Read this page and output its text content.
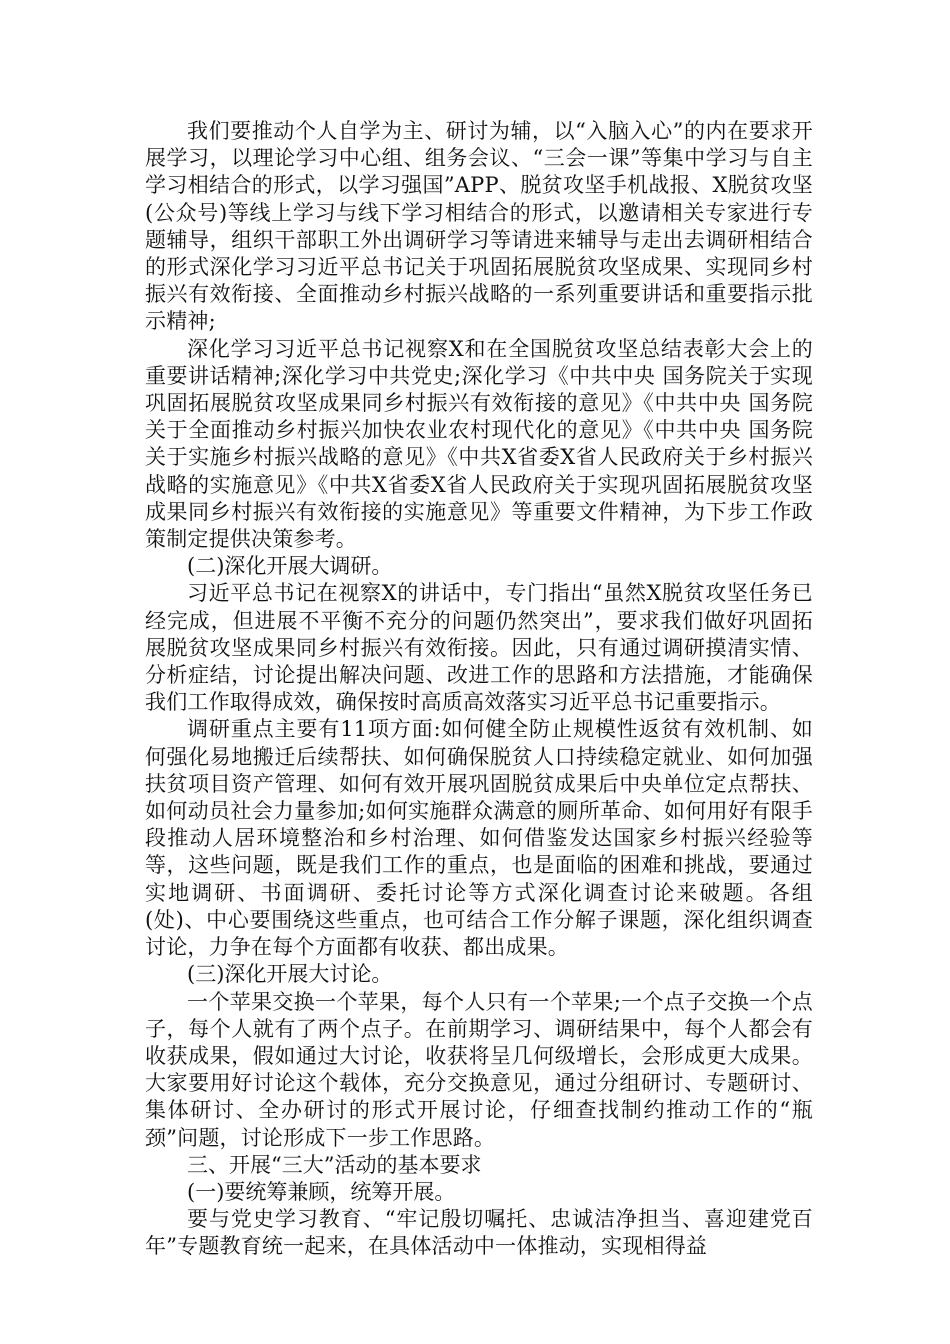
我们要推动个人自学为主、研讨为辅，以“入脑入心”的内在要求开展学习，以理论学习中心组、组务会议、“三会一课”等集中学习与自主学习相结合的形式，以学习强国”APP、脱贫攻坚手机战报、X脱贫攻坚(公众号)等线上学习与线下学习相结合的形式，以邀请相关专家进行专题辅导，组织干部职工外出调研学习等请进来辅导与走出去调研相结合的形式深化学习习近平总书记关于巩固拓展脱贫攻坚成果、实现同乡村振兴有效衔接、全面推动乡村振兴战略的一系列重要讲话和重要指示批示精神;

深化学习习近平总书记视察X和在全国脱贫攻坚总结表彰大会上的重要讲话精神;深化学习中共党史;深化学习《中共中央 国务院关于实现巩固拓展脱贫攻坚成果同乡村振兴有效衔接的意见》《中共中央 国务院关于全面推动乡村振兴加快农业农村现代化的意见》《中共中央 国务院关于实施乡村振兴战略的意见》《中共X省委X省人民政府关于乡村振兴战略的实施意见》《中共X省委X省人民政府关于实现巩固拓展脱贫攻坚成果同乡村振兴有效衔接的实施意见》等重要文件精神，为下步工作政策制定提供决策参考。

(二)深化开展大调研。

习近平总书记在视察X的讲话中，专门指出“虽然X脱贫攻坚任务已经完成，但进展不平衡不充分的问题仍然突出”，要求我们做好巩固拓展脱贫攻坚成果同乡村振兴有效衔接。因此，只有通过调研摸清实情、分析症结，讨论提出解决问题、改进工作的思路和方法措施，才能确保我们工作取得成效，确保按时高质高效落实习近平总书记重要指示。

调研重点主要有11项方面:如何健全防止规模性返贫有效机制、如何强化易地搬迁后续帮扶、如何确保脱贫人口持续稳定就业、如何加强扶贫项目资产管理、如何有效开展巩固脱贫成果后中央单位定点帮扶、如何动员社会力量参加;如何实施群众满意的厕所革命、如何用好有限手段推动人居环境整治和乡村治理、如何借鉴发达国家乡村振兴经验等等，这些问题，既是我们工作的重点，也是面临的困难和挑战，要通过实地调研、书面调研、委托讨论等方式深化调查讨论来破题。各组(处)、中心要围绕这些重点，也可结合工作分解子课题，深化组织调查讨论，力争在每个方面都有收获、都出成果。

(三)深化开展大讨论。

一个苹果交换一个苹果，每个人只有一个苹果;一个点子交换一个点子，每个人就有了两个点子。在前期学习、调研结果中，每个人都会有收获成果，假如通过大讨论，收获将呈几何级增长，会形成更大成果。大家要用好讨论这个载体，充分交换意见，通过分组研讨、专题研讨、集体研讨、全办研讨的形式开展讨论，仔细查找制约推动工作的“瓶颈”问题，讨论形成下一步工作思路。

三、开展“三大”活动的基本要求

(一)要统筹兼顾，统筹开展。

要与党史学习教育、“牢记殷切嘱托、忠诚洁净担当、喜迎建党百年”专题教育统一起来，在具体活动中一体推动，实现相得益
